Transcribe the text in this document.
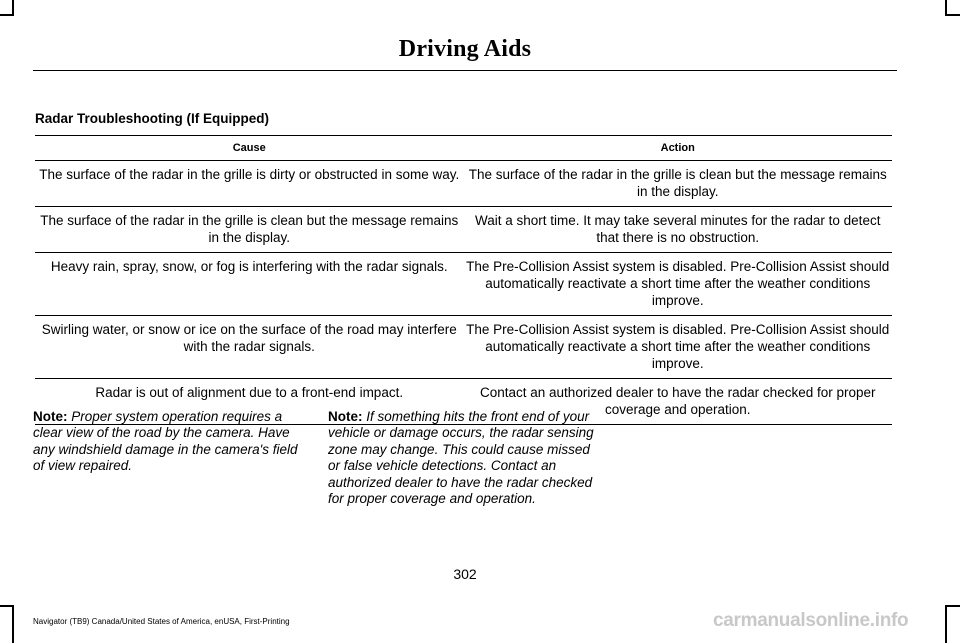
Driving Aids
Radar Troubleshooting (If Equipped)
Cause	Action
The surface of the radar in the grille is dirty or obstructed in some way.	The surface of the radar in the grille is clean but the message remains in the display.
The surface of the radar in the grille is clean but the message remains in the display.	Wait a short time. It may take several minutes for the radar to detect that there is no obstruction.
Heavy rain, spray, snow, or fog is interfering with the radar signals.	The Pre-Collision Assist system is disabled. Pre-Collision Assist should automatically reactivate a short time after the weather conditions improve.
Swirling water, or snow or ice on the surface of the road may interfere with the radar signals.	The Pre-Collision Assist system is disabled. Pre-Collision Assist should automatically reactivate a short time after the weather conditions improve.
Radar is out of alignment due to a front-end impact.	Contact an authorized dealer to have the radar checked for proper coverage and operation.
Note: Proper system operation requires a clear view of the road by the camera. Have any windshield damage in the camera's field of view repaired.
Note: If something hits the front end of your vehicle or damage occurs, the radar sensing zone may change. This could cause missed or false vehicle detections. Contact an authorized dealer to have the radar checked for proper coverage and operation.
302
Navigator (TB9) Canada/United States of America, enUSA, First-Printing	carmanualsonline.info
